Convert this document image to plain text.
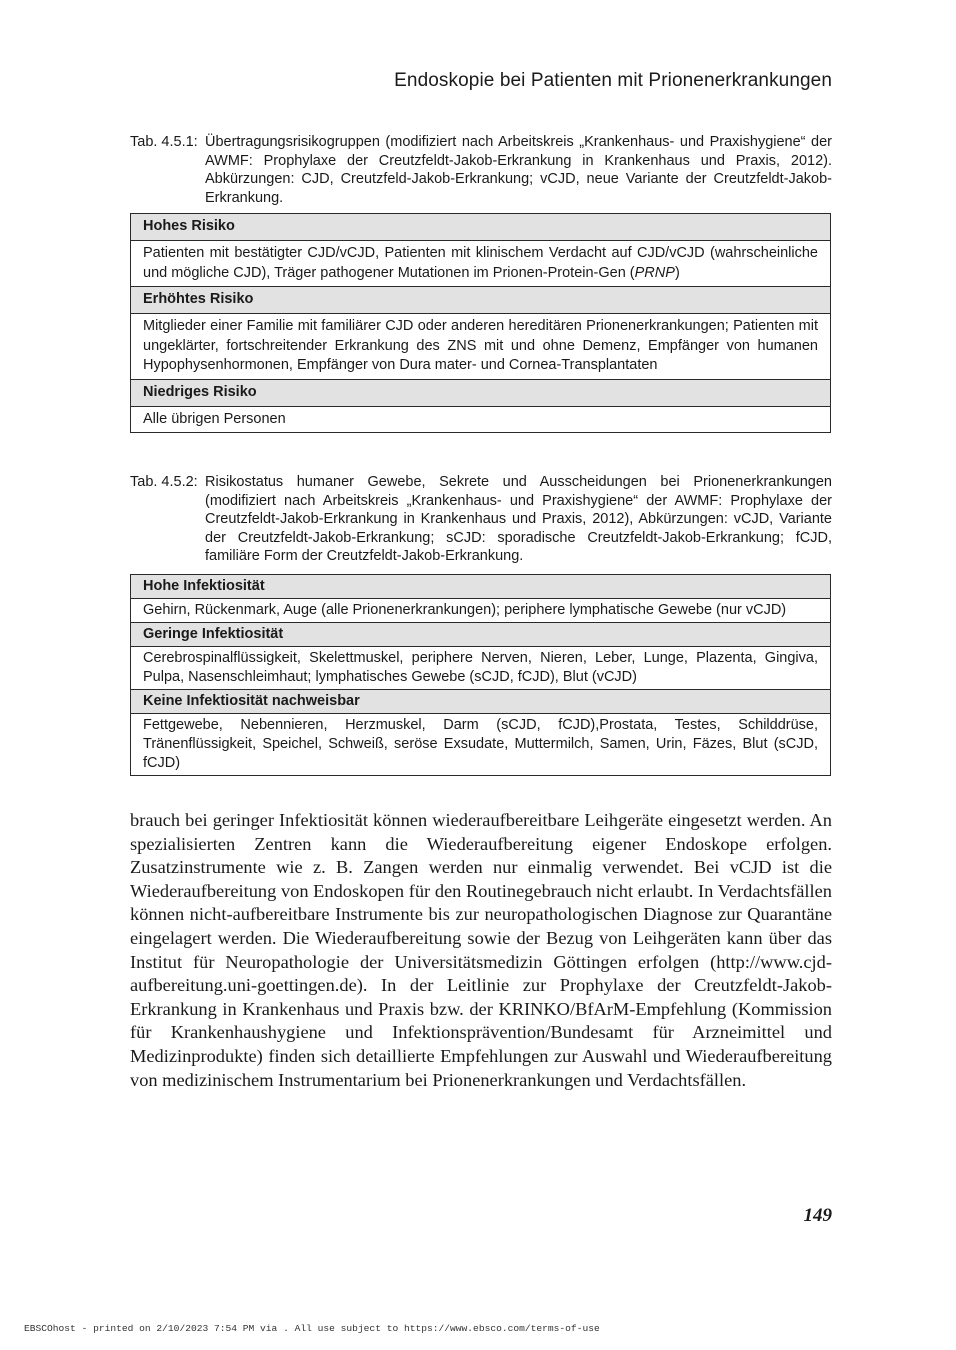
Endoskopie bei Patienten mit Prionenerkrankungen
Tab. 4.5.1: Übertragungsrisikogruppen (modifiziert nach Arbeitskreis „Krankenhaus- und Praxishygiene“ der AWMF: Prophylaxe der Creutzfeldt-Jakob-Erkrankung in Krankenhaus und Praxis, 2012). Abkürzungen: CJD, Creutzfeld-Jakob-Erkrankung; vCJD, neue Variante der Creutzfeldt-Jakob-Erkrankung.
Hohes Risiko
Patienten mit bestätigter CJD/vCJD, Patienten mit klinischem Verdacht auf CJD/vCJD (wahrscheinliche und mögliche CJD), Träger pathogener Mutationen im Prionen-Protein-Gen (PRNP)
Erhöhtes Risiko
Mitglieder einer Familie mit familiärer CJD oder anderen hereditären Prionenerkrankungen; Patienten mit ungeklärter, fortschreitender Erkrankung des ZNS mit und ohne Demenz, Empfänger von humanen Hypophysenhormonen, Empfänger von Dura mater- und Cornea-Transplantaten
Niedriges Risiko
Alle übrigen Personen
Tab. 4.5.2: Risikostatus humaner Gewebe, Sekrete und Ausscheidungen bei Prionenerkrankungen (modifiziert nach Arbeitskreis „Krankenhaus- und Praxishygiene“ der AWMF: Prophylaxe der Creutzfeldt-Jakob-Erkrankung in Krankenhaus und Praxis, 2012), Abkürzungen: vCJD, Variante der Creutzfeldt-Jakob-Erkrankung; sCJD: sporadische Creutzfeldt-Jakob-Erkrankung; fCJD, familiäre Form der Creutzfeldt-Jakob-Erkrankung.
Hohe Infektiosität
Gehirn, Rückenmark, Auge (alle Prionenerkrankungen); periphere lymphatische Gewebe (nur vCJD)
Geringe Infektiosität
Cerebrospinalflüssigkeit, Skelettmuskel, periphere Nerven, Nieren, Leber, Lunge, Plazenta, Gingiva, Pulpa, Nasenschleimhaut; lymphatisches Gewebe (sCJD, fCJD), Blut (vCJD)
Keine Infektiosität nachweisbar
Fettgewebe, Nebennieren, Herzmuskel, Darm (sCJD, fCJD),Prostata, Testes, Schilddrüse, Tränenflüssigkeit, Speichel, Schweiß, seröse Exsudate, Muttermilch, Samen, Urin, Fäzes, Blut (sCJD, fCJD)
brauch bei geringer Infektiosität können wiederaufbereitbare Leihgeräte eingesetzt werden. An spezialisierten Zentren kann die Wiederaufbereitung eigener Endoskope erfolgen. Zusatzinstrumente wie z. B. Zangen werden nur einmalig verwendet. Bei vCJD ist die Wiederaufbereitung von Endoskopen für den Routinegebrauch nicht erlaubt. In Verdachtsfällen können nicht-aufbereitbare Instrumente bis zur neuropathologischen Diagnose zur Quarantäne eingelagert werden. Die Wiederaufbereitung sowie der Bezug von Leihgeräten kann über das Institut für Neuropathologie der Universitätsmedizin Göttingen erfolgen (http://www.cjd-aufbereitung.uni-goettingen.de). In der Leitlinie zur Prophylaxe der Creutzfeldt-Jakob-Erkrankung in Krankenhaus und Praxis bzw. der KRINKO/BfArM-Empfehlung (Kommission für Krankenhaushygiene und Infektionsprävention/Bundesamt für Arzneimittel und Medizinprodukte) finden sich detaillierte Empfehlungen zur Auswahl und Wiederaufbereitung von medizinischem Instrumentarium bei Prionenerkrankungen und Verdachtsfällen.
149
EBSCOhost - printed on 2/10/2023 7:54 PM via . All use subject to https://www.ebsco.com/terms-of-use
